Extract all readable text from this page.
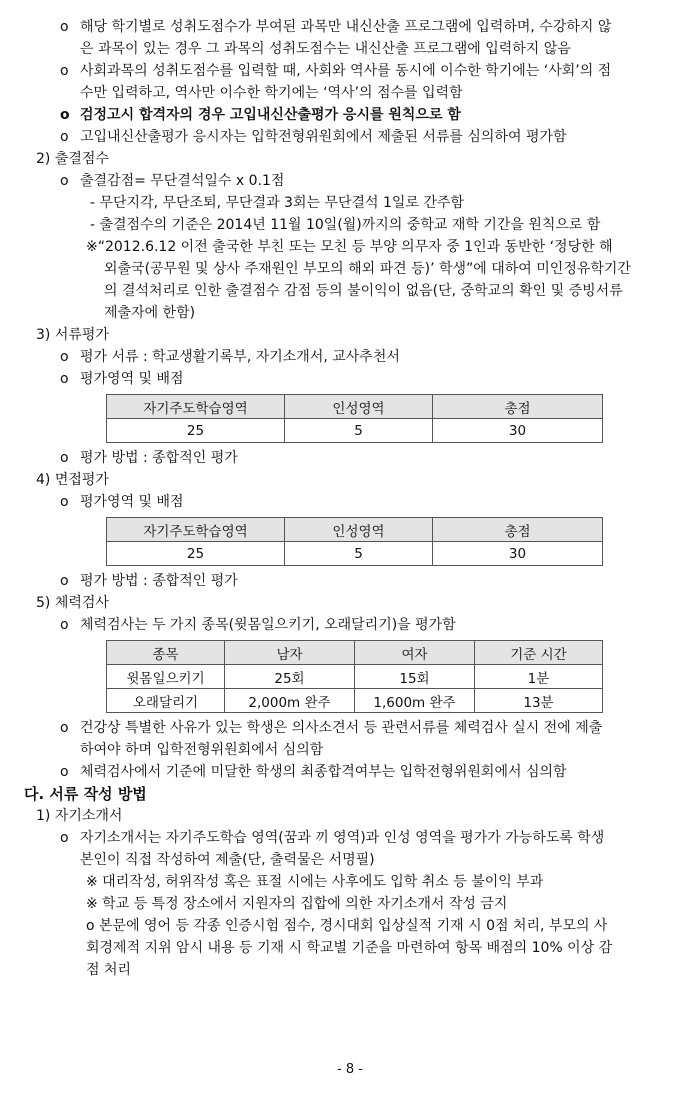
o 해당 학기별로 성취도점수가 부여된 과목만 내신산출 프로그램에 입력하며, 수강하지 않
은 과목이 있는 경우 그 과목의 성취도점수는 내신산출 프로그램에 입력하지 않음
o 사회과목의 성취도점수를 입력할 때, 사회와 역사를 동시에 이수한 학기에는 ‘사회’의 점
수만 입력하고, 역사만 이수한 학기에는 ‘역사’의 점수를 입력함
o 검정고시 합격자의 경우 고입내신산출평가 응시를 원칙으로 함
o 고입내신산출평가 응시자는 입학전형위원회에서 제출된 서류를 심의하여 평가함
2) 출결점수
o 출결감점= 무단결석일수 x 0.1점
- 무단지각, 무단조퇴, 무단결과 3회는 무단결석 1일로 간주함
- 출결점수의 기준은 2014년 11월 10일(월)까지의 중학교 재학 기간을 원칙으로 함
※“2012.6.12 이전 출국한 부친 또는 모친 등 부양 의무자 중 1인과 동반한 ‘정당한 해
외출국(공무원 및 상사 주재원인 부모의 해외 파견 등)’ 학생”에 대하여 미인정유학기간
의 결석처리로 인한 출결점수 감점 등의 불이익이 없음(단, 중학교의 확인 및 증빙서류
제출자에 한함)
3) 서류평가
o 평가 서류 : 학교생활기록부, 자기소개서, 교사추천서
o 평가영역 및 배점
자기주도학습영역	인성영역	총점
25	5	30
o 평가 방법 : 종합적인 평가
4) 면접평가
o 평가영역 및 배점
자기주도학습영역	인성영역	총점
25	5	30
o 평가 방법 : 종합적인 평가
5) 체력검사
o 체력검사는 두 가지 종목(윗몸일으키기, 오래달리기)을 평가함
종목	남자	여자	기준 시간
윗몸일으키기	25회	15회	1분
오래달리기	2,000m 완주	1,600m 완주	13분
o 건강상 특별한 사유가 있는 학생은 의사소견서 등 관련서류를 체력검사 실시 전에 제출
하여야 하며 입학전형위원회에서 심의함
o 체력검사에서 기준에 미달한 학생의 최종합격여부는 입학전형위원회에서 심의함
다. 서류 작성 방법
1) 자기소개서
o 자기소개서는 자기주도학습 영역(꿈과 끼 영역)과 인성 영역을 평가가 가능하도록 학생
본인이 직접 작성하여 제출(단, 출력물은 서명필)
※ 대리작성, 허위작성 혹은 표절 시에는 사후에도 입학 취소 등 불이익 부과
※ 학교 등 특정 장소에서 지원자의 집합에 의한 자기소개서 작성 금지
o 본문에 영어 등 각종 인증시험 점수, 경시대회 입상실적 기재 시 0점 처리, 부모의 사
회경제적 지위 암시 내용 등 기재 시 학교별 기준을 마련하여 항목 배점의 10% 이상 감
점 처리
- 8 -
